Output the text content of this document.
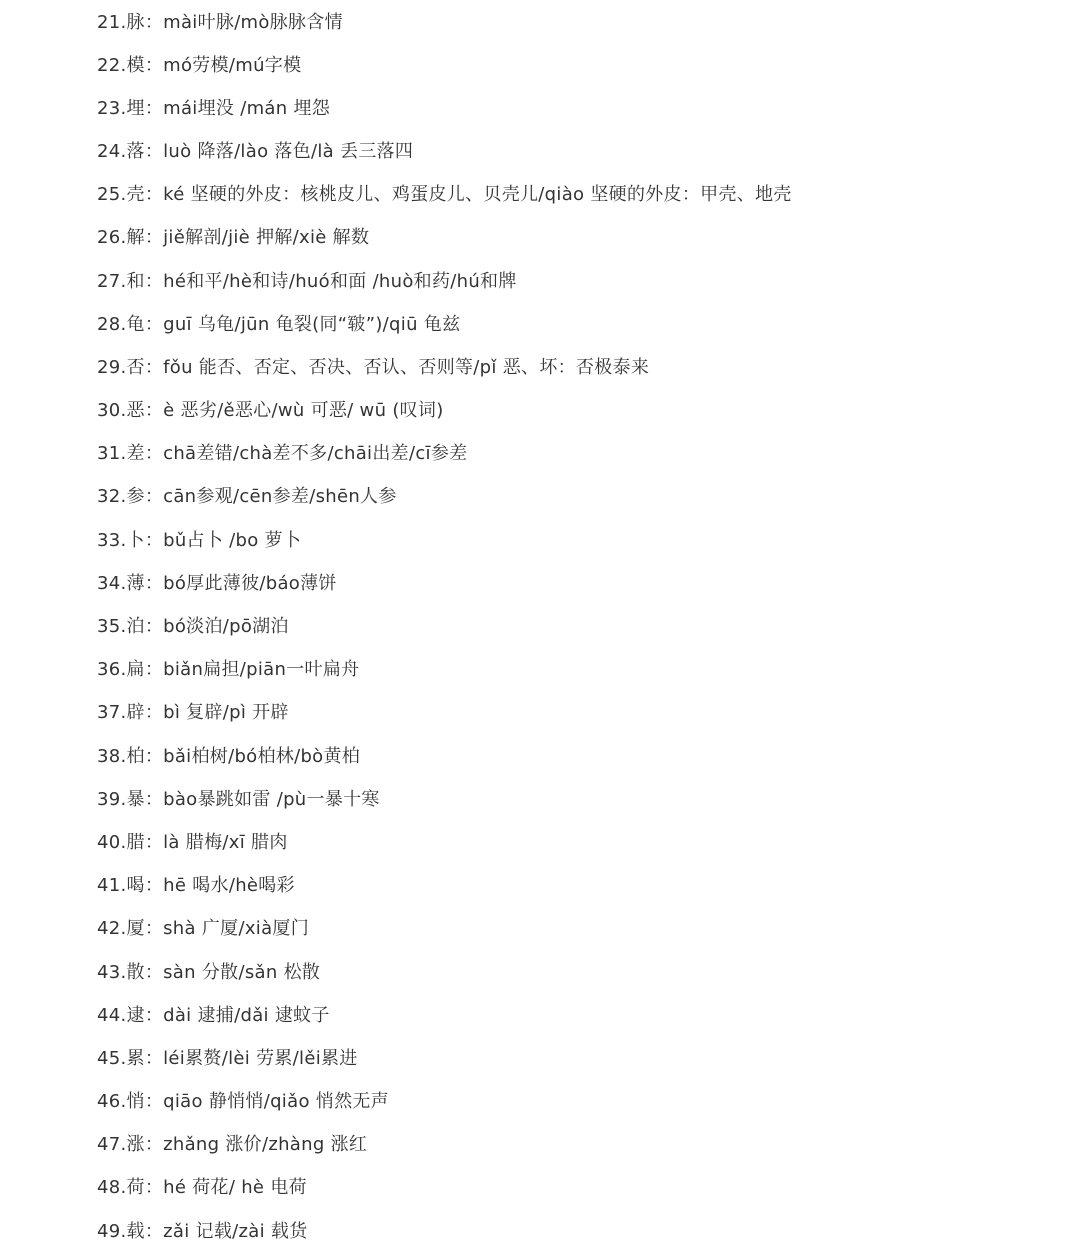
21.脉：mài叶脉/mò脉脉含情
22.模：mó劳模/mú字模
23.埋：mái埋没 /mán 埋怨
24.落：luò 降落/lào 落色/là 丢三落四
25.壳：ké 坚硬的外皮：核桃皮儿、鸡蛋皮儿、贝壳儿/qiào 坚硬的外皮：甲壳、地壳
26.解：jiě解剖/jiè 押解/xiè 解数
27.和：hé和平/hè和诗/huó和面 /huò和药/hú和牌
28.龟：guī 乌龟/jūn 龟裂(同“皲”)/qiū 龟兹
29.否：fǒu 能否、否定、否决、否认、否则等/pǐ 恶、坏：否极泰来
30.恶：è 恶劣/ě恶心/wù 可恶/ wū (叹词)
31.差：chā差错/chà差不多/chāi出差/cī参差
32.参：cān参观/cēn参差/shēn人参
33.卜：bǔ占卜 /bo 萝卜
34.薄：bó厚此薄彼/báo薄饼
35.泊：bó淡泊/pō湖泊
36.扁：biǎn扁担/piān一叶扁舟
37.辟：bì 复辟/pì 开辟
38.柏：bǎi柏树/bó柏林/bò黄柏
39.暴：bào暴跳如雷 /pù一暴十寒
40.腊：là 腊梅/xī 腊肉
41.喝：hē 喝水/hè喝彩
42.厦：shà 广厦/xià厦门
43.散：sàn 分散/sǎn 松散
44.逮：dài 逮捕/dǎi 逮蚊子
45.累：léi累赘/lèi 劳累/lěi累进
46.悄：qiāo 静悄悄/qiǎo 悄然无声
47.涨：zhǎng 涨价/zhàng 涨红
48.荷：hé 荷花/ hè 电荷
49.载：zǎi 记载/zài 载货
